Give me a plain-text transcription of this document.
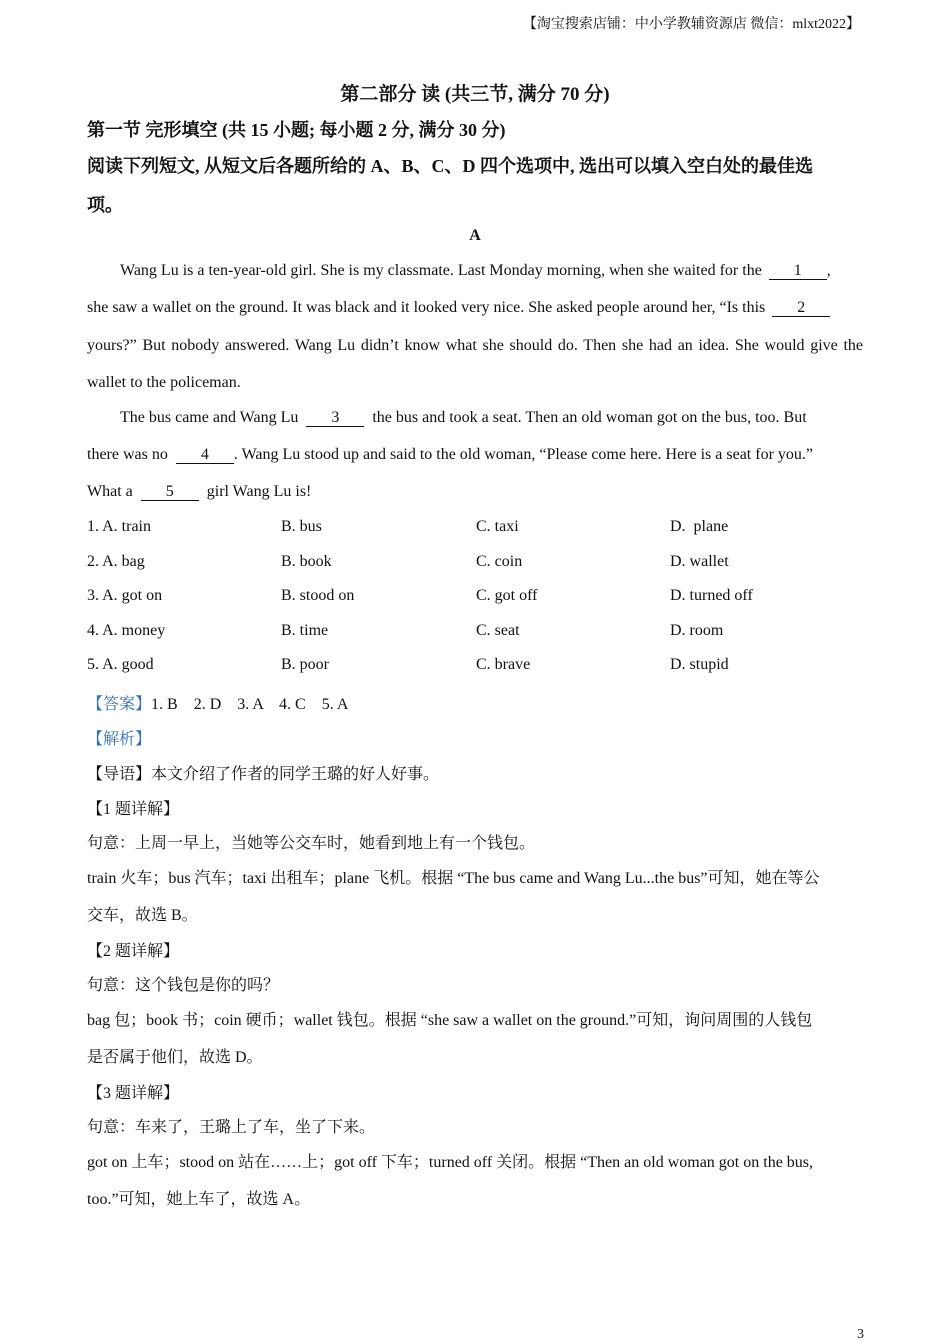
【淘宝搜索店铺：中小学教辅资源店 微信：mlxt2022】
第二部分 读 (共三节, 满分 70 分)
第一节 完形填空 (共 15 小题; 每小题 2 分, 满分 30 分)
阅读下列短文, 从短文后各题所给的 A、B、C、D 四个选项中, 选出可以填入空白处的最佳选
项。
A
Wang Lu is a ten-year-old girl. She is my classmate. Last Monday morning, when she waited for the 1 ,
she saw a wallet on the ground. It was black and it looked very nice. She asked people around her, “Is this 2
yours?” But nobody answered. Wang Lu didn’t know what she should do. Then she had an idea. She would give the
wallet to the policeman.
The bus came and Wang Lu 3 the bus and took a seat. Then an old woman got on the bus, too. But
there was no 4 . Wang Lu stood up and said to the old woman, “Please come here. Here is a seat for you.”
What a 5 girl Wang Lu is!
1. A. train	B. bus	C. taxi	D.  plane
2. A. bag	B. book	C. coin	D. wallet
3. A. got on	B. stood on	C. got off	D. turned off
4. A. money	B. time	C. seat	D. room
5. A. good	B. poor	C. brave	D. stupid
【答案】1. B    2. D    3. A    4. C    5. A
【解析】
【导语】本文介绍了作者的同学王璐的好人好事。
【1 题详解】
句意：上周一早上，当她等公交车时，她看到地上有一个钱包。
train 火车；bus 汽车；taxi 出租车；plane 飞机。根据 “The bus came and Wang Lu...the bus”可知，她在等公
交车，故选 B。
【2 题详解】
句意：这个钱包是你的吗？
bag 包；book 书；coin 硬币；wallet 钱包。根据 “she saw a wallet on the ground.”可知，询问周围的人钱包
是否属于他们，故选 D。
【3 题详解】
句意：车来了，王璐上了车，坐了下来。
got on 上车；stood on 站在……上；got off 下车；turned off 关闭。根据 “Then an old woman got on the bus,
too.”可知，她上车了，故选 A。
3
